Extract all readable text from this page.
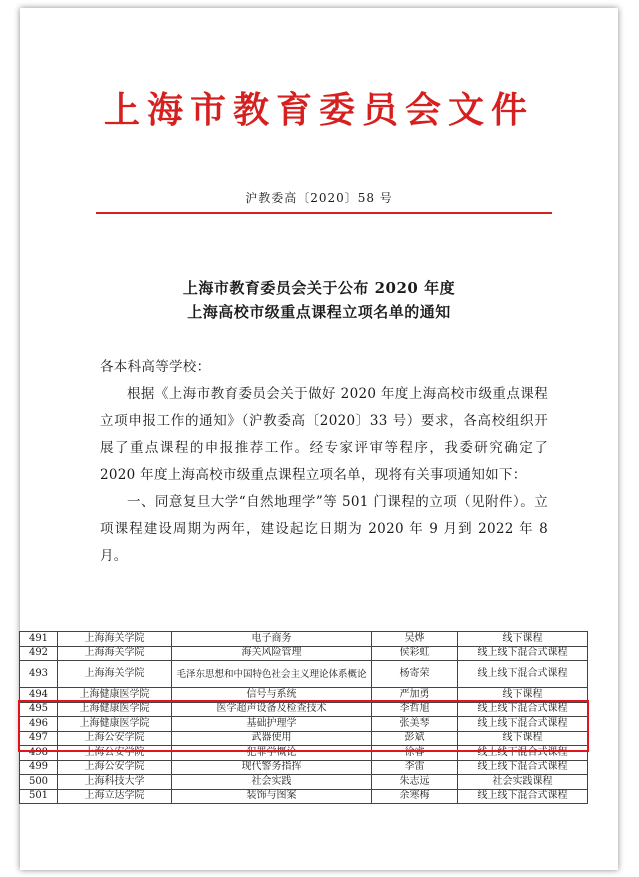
上海市教育委员会文件
沪教委高〔2020〕58 号
上海市教育委员会关于公布 2020 年度
上海高校市级重点课程立项名单的通知

各本科高等学校：

根据《上海市教育委员会关于做好 2020 年度上海高校市级重点课程立项申报工作的通知》（沪教委高〔2020〕33 号）要求，各高校组织开展了重点课程的申报推荐工作。经专家评审等程序，我委研究确定了 2020 年度上海高校市级重点课程立项名单，现将有关事项通知如下：

一、同意复旦大学“自然地理学”等 501 门课程的立项（见附件）。立项课程建设周期为两年，建设起讫日期为 2020 年 9 月到 2022 年 8 月。

491	上海海关学院	电子商务	吴烨	线下课程
492	上海海关学院	海关风险管理	侯彩虹	线上线下混合式课程
493	上海海关学院	毛泽东思想和中国特色社会主义理论体系概论	杨寄荣	线上线下混合式课程
494	上海健康医学院	信号与系统	严加勇	线下课程
495	上海健康医学院	医学超声设备及检查技术	李哲旭	线上线下混合式课程
496	上海健康医学院	基础护理学	张美琴	线上线下混合式课程
497	上海公安学院	武器使用	彭斌	线下课程
498	上海公安学院	犯罪学概论	徐睿	线上线下混合式课程
499	上海公安学院	现代警务指挥	李雷	线上线下混合式课程
500	上海科技大学	社会实践	朱志远	社会实践课程
501	上海立达学院	装饰与图案	余寒梅	线上线下混合式课程
